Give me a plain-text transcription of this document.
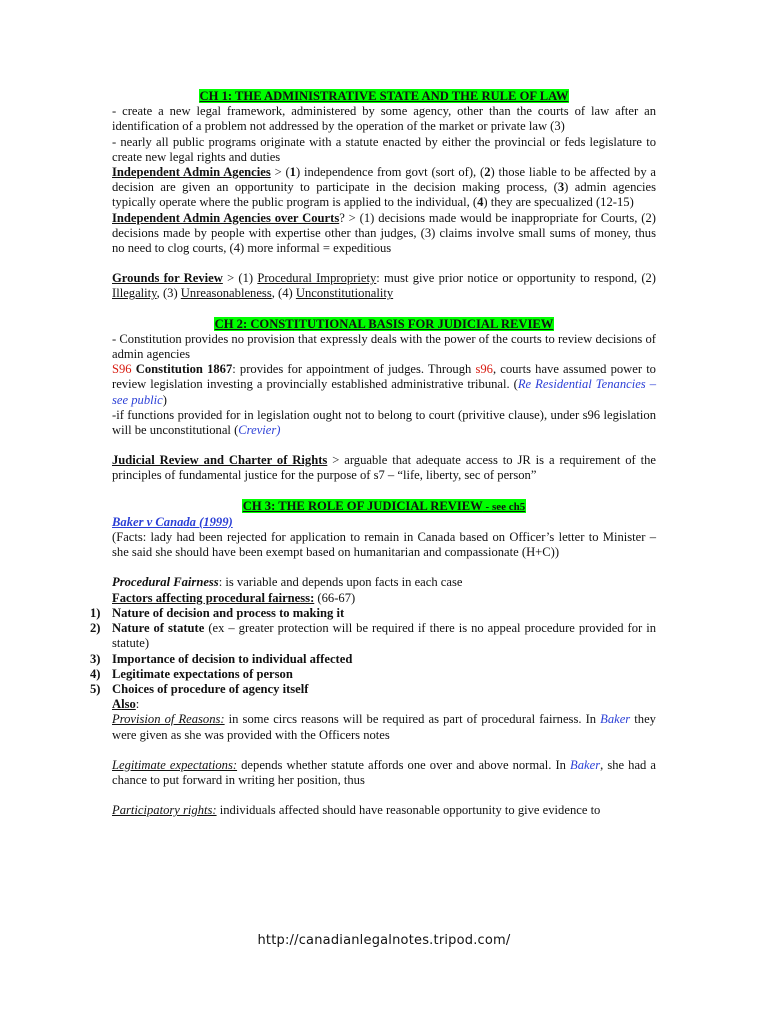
CH 1: THE ADMINISTRATIVE STATE AND THE RULE OF LAW

- create a new legal framework, administered by some agency, other than the courts of law after an identification of a problem not addressed by the operation of the market or private law (3)

- nearly all public programs originate with a statute enacted by either the provincial or feds legislature to create new legal rights and duties

Independent Admin Agencies > (1) independence from govt (sort of), (2) those liable to be affected by a decision are given an opportunity to participate in the decision making process, (3) admin agencies typically operate where the public program is applied to the individual, (4) they are specualized (12-15)

Independent Admin Agencies over Courts? > (1) decisions made would be inappropriate for Courts, (2) decisions made by people with expertise other than judges, (3) claims involve small sums of money, thus no need to clog courts, (4) more informal = expeditious

Grounds for Review > (1) Procedural Impropriety: must give prior notice or opportunity to respond, (2) Illegality, (3) Unreasonableness, (4) Unconstitutionality

CH 2: CONSTITUTIONAL BASIS FOR JUDICIAL REVIEW

- Constitution provides no provision that expressly deals with the power of the courts to review decisions of admin agencies

S96 Constitution 1867: provides for appointment of judges. Through s96, courts have assumed power to review legislation investing a provincially established administrative tribunal. (Re Residential Tenancies – see public)

-if functions provided for in legislation ought not to belong to court (privitive clause), under s96 legislation will be unconstitutional (Crevier)

Judicial Review and Charter of Rights > arguable that adequate access to JR is a requirement of the principles of fundamental justice for the purpose of s7 – “life, liberty, sec of person”

CH 3: THE ROLE OF JUDICIAL REVIEW - see ch5

Baker v Canada (1999)

(Facts: lady had been rejected for application to remain in Canada based on Officer’s letter to Minister – she said she should have been exempt based on humanitarian and compassionate (H+C))

Procedural Fairness: is variable and depends upon facts in each case

Factors affecting procedural fairness: (66-67)

1) Nature of decision and process to making it
2) Nature of statute (ex – greater protection will be required if there is no appeal procedure provided for in statute)
3) Importance of decision to individual affected
4) Legitimate expectations of person
5) Choices of procedure of agency itself

Also:

Provision of Reasons: in some circs reasons will be required as part of procedural fairness. In Baker they were given as she was provided with the Officers notes

Legitimate expectations: depends whether statute affords one over and above normal. In Baker, she had a chance to put forward in writing her position, thus

Participatory rights: individuals affected should have reasonable opportunity to give evidence to

http://canadianlegalnotes.tripod.com/
